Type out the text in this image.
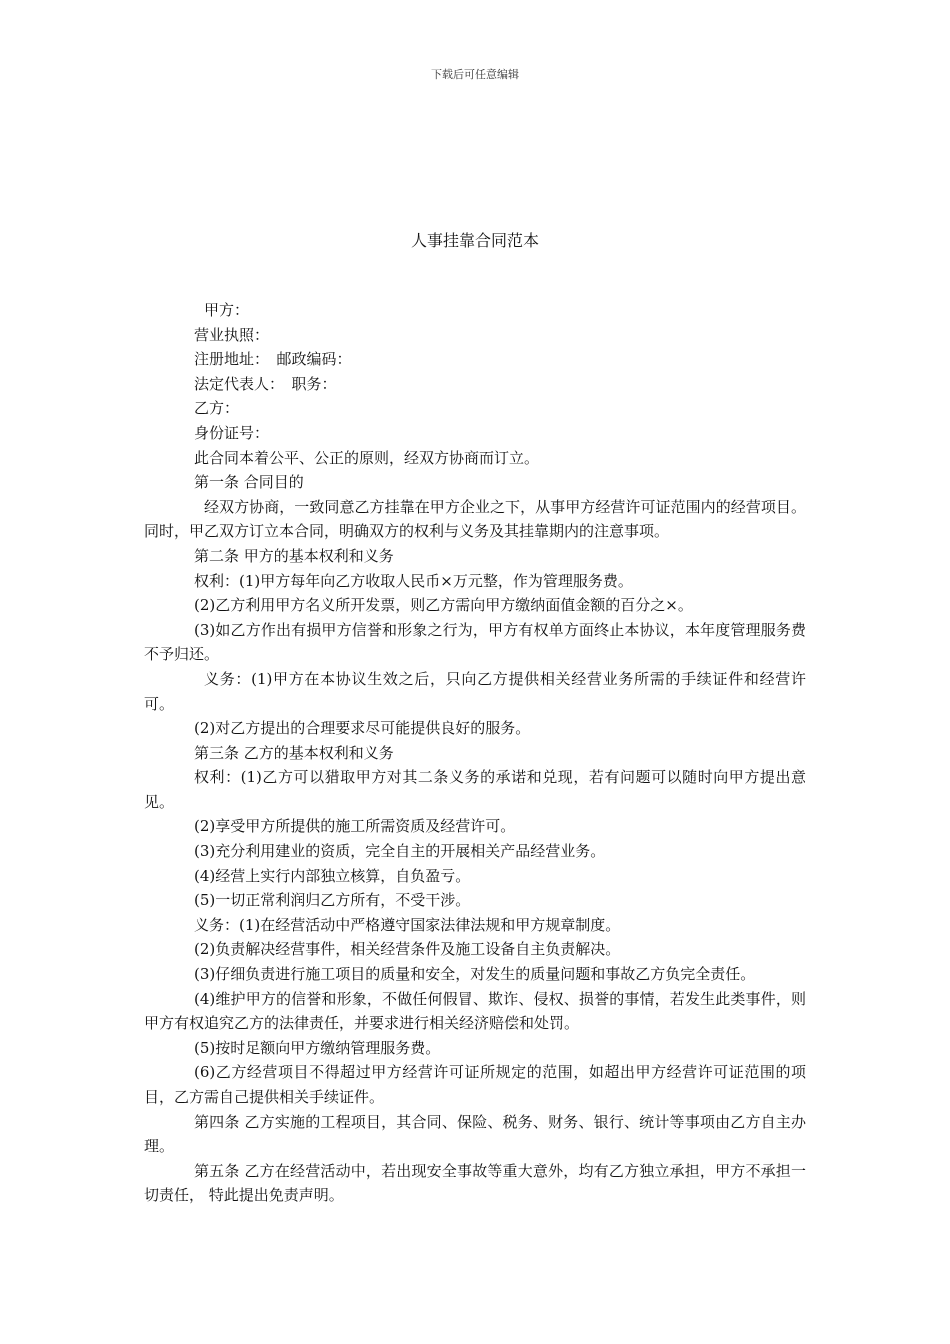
下载后可任意编辑
人事挂靠合同范本

甲方：

营业执照：

注册地址：　邮政编码：

法定代表人：　职务：

乙方：

身份证号：

此合同本着公平、公正的原则，经双方协商而订立。

第一条 合同目的

经双方协商，一致同意乙方挂靠在甲方企业之下，从事甲方经营许可证范围内的经营项目。同时，甲乙双方订立本合同，明确双方的权利与义务及其挂靠期内的注意事项。

第二条 甲方的基本权利和义务

权利：(1)甲方每年向乙方收取人民币×万元整，作为管理服务费。

(2)乙方利用甲方名义所开发票，则乙方需向甲方缴纳面值金额的百分之×。

(3)如乙方作出有损甲方信誉和形象之行为，甲方有权单方面终止本协议，本年度管理服务费不予归还。

义务：(1)甲方在本协议生效之后，只向乙方提供相关经营业务所需的手续证件和经营许可。

(2)对乙方提出的合理要求尽可能提供良好的服务。

第三条 乙方的基本权利和义务

权利：(1)乙方可以猎取甲方对其二条义务的承诺和兑现，若有问题可以随时向甲方提出意见。

(2)享受甲方所提供的施工所需资质及经营许可。

(3)充分利用建业的资质，完全自主的开展相关产品经营业务。

(4)经营上实行内部独立核算，自负盈亏。

(5)一切正常利润归乙方所有，不受干涉。

义务：(1)在经营活动中严格遵守国家法律法规和甲方规章制度。

(2)负责解决经营事件，相关经营条件及施工设备自主负责解决。

(3)仔细负责进行施工项目的质量和安全，对发生的质量问题和事故乙方负完全责任。

(4)维护甲方的信誉和形象，不做任何假冒、欺诈、侵权、损誉的事情，若发生此类事件，则甲方有权追究乙方的法律责任，并要求进行相关经济赔偿和处罚。

(5)按时足额向甲方缴纳管理服务费。

(6)乙方经营项目不得超过甲方经营许可证所规定的范围，如超出甲方经营许可证范围的项目，乙方需自己提供相关手续证件。

第四条 乙方实施的工程项目，其合同、保险、税务、财务、银行、统计等事项由乙方自主办理。

第五条 乙方在经营活动中，若出现安全事故等重大意外，均有乙方独立承担，甲方不承担一切责任， 特此提出免责声明。
